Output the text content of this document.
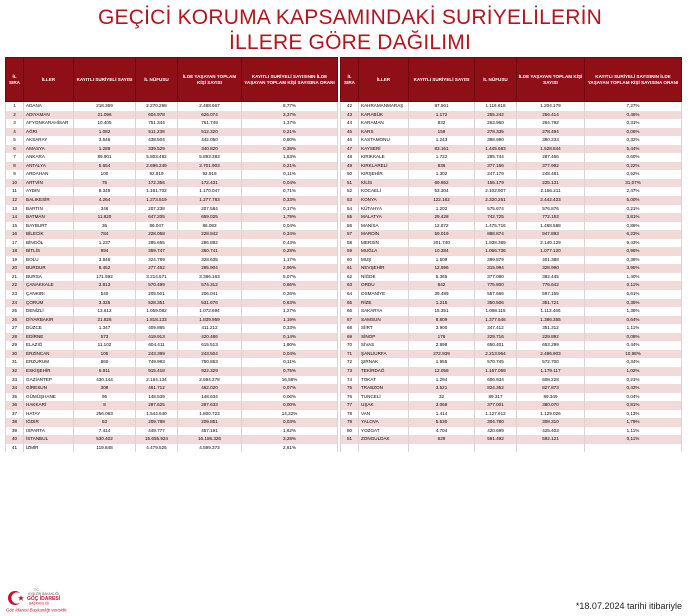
GEÇİCİ KORUMA KAPSAMINDAKİ SURİYELİLERİN
İLLERE GÖRE DAĞILIMI
İL SIRA	İLLER	KAYITLI SURİYELİ SAYISI	İL NÜFUSU	İLDE YAŞAYAN TOPLAM KİŞİ SAYISI	KAYITLI SURİYELİ SAYISININ İLDE YAŞAYAN TOPLAM KİŞİ SAYISINA ORANI		İL SIRA	İLLER	KAYITLI SURİYELİ SAYISI	İL NÜFUSU	İLDE YAŞAYAN TOPLAM KİŞİ SAYISI	KAYITLI SURİYELİ SAYISININ İLDE YAŞAYAN TOPLAM KİŞİ SAYISINA ORANI
1	ADANA	218.369	2.270.298	2.488.667	8,77%		42	KAHRAMANMARAŞ	87.561	1.116.618	1.204.179	7,27%
2	ADIYAMAN	21.096	604.978	626.074	3,37%		43	KARABÜK	1.172	255.242	256.414	0,46%
3	AFYONKARAHİSAR	10.405	751.344	761.749	1,37%		44	KARAMAN	832	263.960	264.792	0,31%
4	AĞRI	1.082	511.238	512.320	0,21%		45	KARS	159	278.335	278.494	0,06%
5	AKSARAY	3.546	438.504	442.050	0,80%		46	KASTAMONU	1.243	388.990	390.233	0,32%
6	AMASYA	1.289	339.529	340.820	0,38%		47	KAYSERİ	83.161	1.445.683	1.528.844	5,44%
7	ANKARA	89.901	5.803.482	5.893.383	1,53%		48	KIRIKKALE	1.722	285.744	287.466	0,60%
8	ANTALYA	5.654	2.696.249	2.701.903	0,21%		49	KIRKLARELİ	836	377.156	377.992	0,22%
9	ARDAHAN	100	92.819	92.919	0,11%		50	KIRŞEHİR	1.302	247.179	248.481	0,52%
10	ARTVİN	75	172.356	172.431	0,04%		51	KİLİS	69.952	155.179	225.131	31,07%
11	AYDIN	8.345	1.161.702	1.170.047	0,71%		52	KOCAELİ	53.304	2.102.907	2.156.211	2,47%
12	BALIKESİR	4.264	1.273.519	1.277.783	0,33%		53	KONYA	122.162	2.320.261	2.442.423	5,00%
13	BARTIN	346	207.238	207.584	0,17%		54	KÜTAHYA	1.202	575.674	576.876	0,21%
14	BATMAN	11.820	647.205	659.025	1,79%		55	MALATYA	29.428	742.725	772.153	3,81%
15	BAYBURT	36	86.047	86.083	0,04%		56	MANİSA	12.872	1.475.716	1.488.588	0,86%
16	BİLECİK	784	228.058	228.842	0,34%		57	MARDİN	59.019	888.874	947.893	6,23%
17	BİNGÖL	1.237	285.655	286.892	0,43%		58	MERSİN	201.740	1.938.389	2.140.129	9,43%
18	BİTLİS	994	359.747	360.741	0,28%		59	MUĞLA	10.384	1.066.736	1.077.120	0,96%
19	BOLU	3.846	324.789	328.635	1,17%		60	MUŞ	1.509	399.879	401.388	0,38%
20	BURDUR	8.452	277.452	285.904	2,96%		61	NEVŞEHİR	12.996	315.994	328.990	3,95%
21	BURSA	171.592	3.214.571	3.386.163	5,07%		62	NİĞDE	5.365	377.080	382.445	1,40%
22	ÇANAKKALE	3.813	570.499	574.312	0,66%		63	ORDU	842	775.800	776.642	0,11%
23	ÇANKIRI	540	205.501	206.041	0,26%		64	OSMANİYE	39.489	557.666	597.155	6,61%
24	ÇORUM	3.325	528.351	531.676	0,63%		65	RİZE	1.215	350.506	351.721	0,35%
25	DENİZLİ	13.612	1.059.082	1.072.694	1,27%		66	SAKARYA	15.351	1.098.115	1.113.466	1,38%
26	DİYARBAKIR	21.826	1.818.133	1.839.959	1,19%		67	SAMSUN	8.809	1.377.546	1.386.355	0,64%
27	DÜZCE	1.347	409.865	411.212	0,33%		68	SİİRT	3.900	347.412	351.312	1,11%
28	EDİRNE	573	419.913	420.486	0,14%		69	SİNOP	176	229.716	229.892	0,08%
29	ELAZIĞ	11.102	604.411	615.513	1,80%		70	SİVAS	2.898	650.401	653.299	0,44%
30	ERZİNCAN	105	243.399	243.504	0,04%		71	ŞANLIURFA	272.939	2.213.964	2.486.903	10,98%
31	ERZURUM	860	749.993	750.853	0,11%		72	ŞIRNAK	1.955	570.745	572.700	0,34%
32	ESKİŞEHİR	6.911	915.418	922.329	0,75%		73	TEKİRDAĞ	12.058	1.167.059	1.179.117	1,02%
33	GAZİANTEP	430.144	2.164.134	2.594.278	16,58%		74	TOKAT	1.294	606.934	608.228	0,21%
34	GİRESUN	308	461.712	462.020	0,07%		75	TRABZON	3.521	824.352	827.873	0,43%
35	GÜMÜŞHANE	95	148.539	148.634	0,06%		76	TUNCELİ	32	89.317	89.349	0,04%
36	HAKKARİ	8	287.625	287.633	0,00%		77	UŞAK	3.069	377.001	380.070	0,81%
37	HATAY	256.083	1.544.640	1.800.723	14,22%		78	VAN	1.414	1.127.612	1.129.026	0,13%
38	IĞDIR	63	209.788	209.851	0,03%		79	YALOVA	5.530	304.780	308.310	1,79%
39	ISPARTA	7.414	449.777	457.191	1,62%		80	YOZGAT	4.704	420.699	425.403	1,11%
40	İSTANBUL	530.402	15.655.924	16.186.326	3,28%		81	ZONGULDAK	629	591.492	592.121	0,11%
41	İZMİR	119.848	4.479.525	4.599.373	2,61%							
T.C.
İÇİŞLERİ BAKANLIĞI
GÖÇ İDARESİ
BAŞKANLIĞI
Göç İdaresi Başkanlığı verisidir.	*18.07.2024 tarihi itibariyle
